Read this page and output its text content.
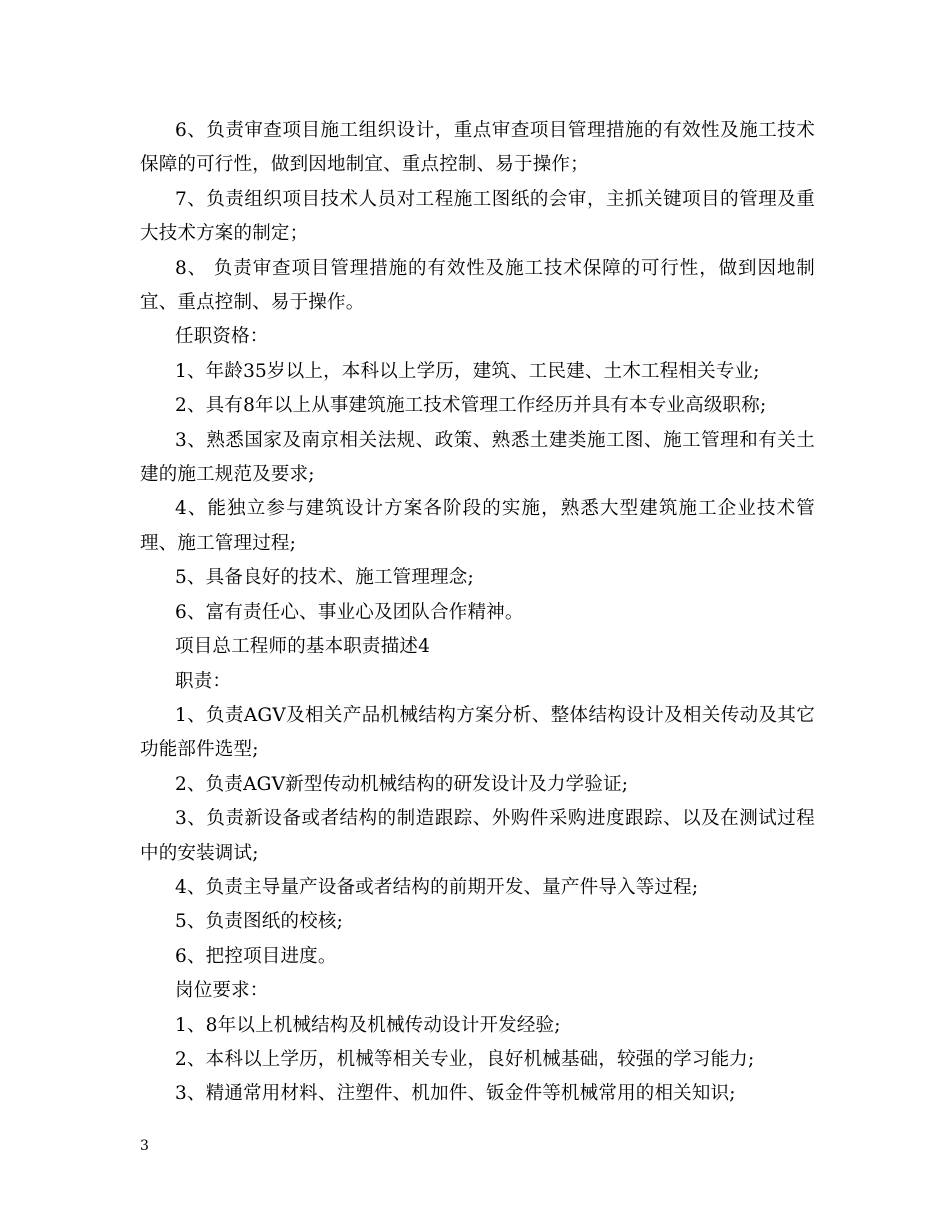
6、负责审查项目施工组织设计，重点审查项目管理措施的有效性及施工技术保障的可行性，做到因地制宜、重点控制、易于操作；

7、负责组织项目技术人员对工程施工图纸的会审，主抓关键项目的管理及重大技术方案的制定；

8、 负责审查项目管理措施的有效性及施工技术保障的可行性，做到因地制宜、重点控制、易于操作。

任职资格：

1、年龄35岁以上，本科以上学历，建筑、工民建、土木工程相关专业;

2、具有8年以上从事建筑施工技术管理工作经历并具有本专业高级职称;

3、熟悉国家及南京相关法规、政策、熟悉土建类施工图、施工管理和有关土建的施工规范及要求;

4、能独立参与建筑设计方案各阶段的实施，熟悉大型建筑施工企业技术管理、施工管理过程;

5、具备良好的技术、施工管理理念;

6、富有责任心、事业心及团队合作精神。

项目总工程师的基本职责描述4

职责：

1、负责AGV及相关产品机械结构方案分析、整体结构设计及相关传动及其它功能部件选型;

2、负责AGV新型传动机械结构的研发设计及力学验证;

3、负责新设备或者结构的制造跟踪、外购件采购进度跟踪、以及在测试过程中的安装调试;

4、负责主导量产设备或者结构的前期开发、量产件导入等过程;

5、负责图纸的校核;

6、把控项目进度。

岗位要求：

1、8年以上机械结构及机械传动设计开发经验;

2、本科以上学历，机械等相关专业，良好机械基础，较强的学习能力;

3、精通常用材料、注塑件、机加件、钣金件等机械常用的相关知识;

3
